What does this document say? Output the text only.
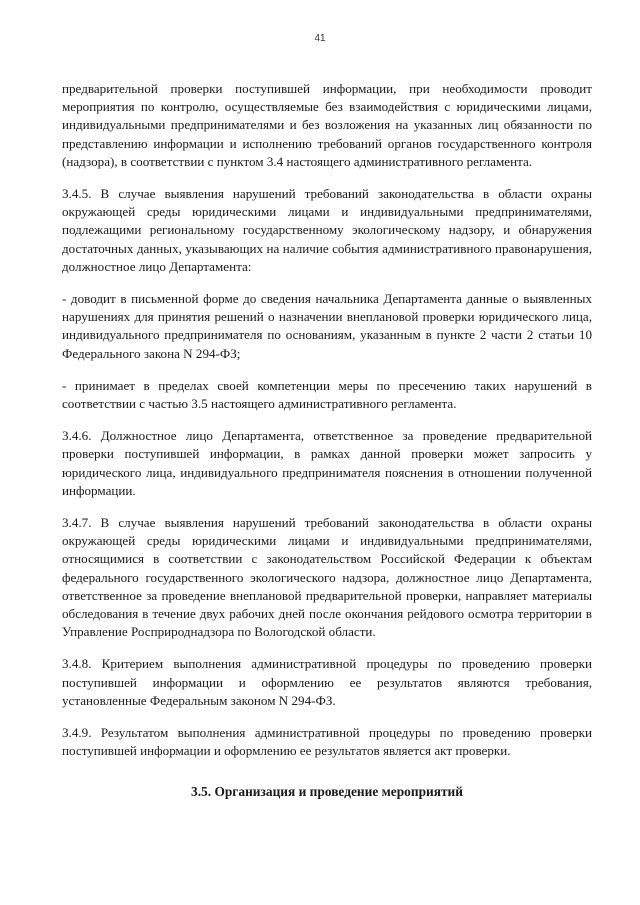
41

предварительной проверки поступившей информации, при необходимости проводит мероприятия по контролю, осуществляемые без взаимодействия с юридическими лицами, индивидуальными предпринимателями и без возложения на указанных лиц обязанности по представлению информации и исполнению требований органов государственного контроля (надзора), в соответствии с пунктом 3.4 настоящего административного регламента.

3.4.5. В случае выявления нарушений требований законодательства в области охраны окружающей среды юридическими лицами и индивидуальными предпринимателями, подлежащими региональному государственному экологическому надзору, и обнаружения достаточных данных, указывающих на наличие события административного правонарушения, должностное лицо Департамента:

- доводит в письменной форме до сведения начальника Департамента данные о выявленных нарушениях для принятия решений о назначении внеплановой проверки юридического лица, индивидуального предпринимателя по основаниям, указанным в пункте 2 части 2 статьи 10 Федерального закона N 294-ФЗ;

- принимает в пределах своей компетенции меры по пресечению таких нарушений в соответствии с частью 3.5 настоящего административного регламента.

3.4.6. Должностное лицо Департамента, ответственное за проведение предварительной проверки поступившей информации, в рамках данной проверки может запросить у юридического лица, индивидуального предпринимателя пояснения в отношении полученной информации.

3.4.7. В случае выявления нарушений требований законодательства в области охраны окружающей среды юридическими лицами и индивидуальными предпринимателями, относящимися в соответствии с законодательством Российской Федерации к объектам федерального государственного экологического надзора, должностное лицо Департамента, ответственное за проведение внеплановой предварительной проверки, направляет материалы обследования в течение двух рабочих дней после окончания рейдового осмотра территории в Управление Росприроднадзора по Вологодской области.

3.4.8. Критерием выполнения административной процедуры по проведению проверки поступившей информации и оформлению ее результатов являются требования, установленные Федеральным законом N 294-ФЗ.

3.4.9. Результатом выполнения административной процедуры по проведению проверки поступившей информации и оформлению ее результатов является акт проверки.

3.5. Организация и проведение мероприятий
